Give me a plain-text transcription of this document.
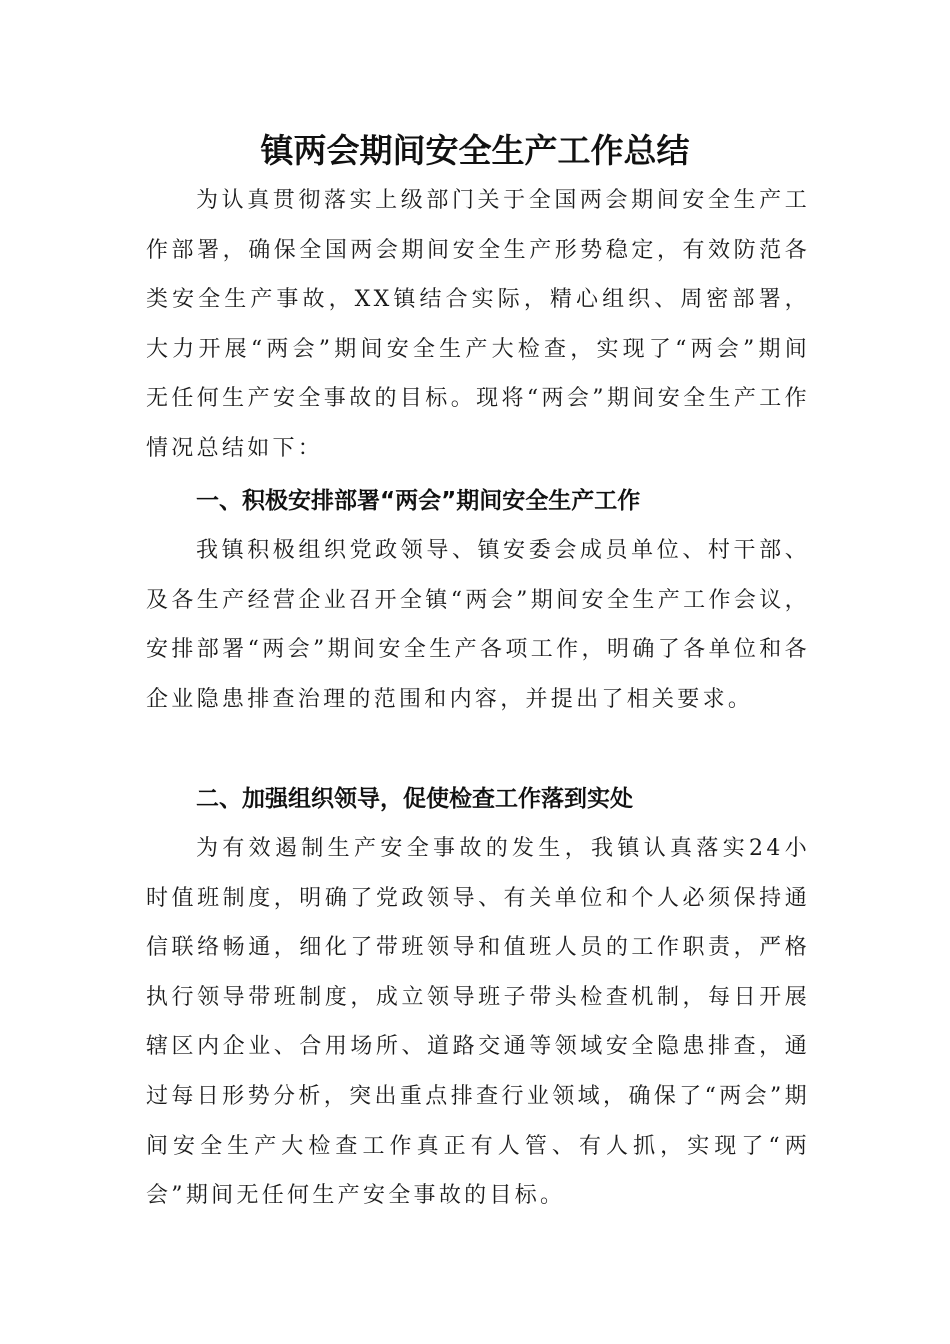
镇两会期间安全生产工作总结

为认真贯彻落实上级部门关于全国两会期间安全生产工作部署，确保全国两会期间安全生产形势稳定，有效防范各类安全生产事故，XX镇结合实际，精心组织、周密部署，大力开展“两会”期间安全生产大检查，实现了“两会”期间无任何生产安全事故的目标。现将“两会”期间安全生产工作情况总结如下：

一、积极安排部署“两会”期间安全生产工作

我镇积极组织党政领导、镇安委会成员单位、村干部、及各生产经营企业召开全镇“两会”期间安全生产工作会议，安排部署“两会”期间安全生产各项工作，明确了各单位和各企业隐患排查治理的范围和内容，并提出了相关要求。

二、加强组织领导，促使检查工作落到实处

为有效遏制生产安全事故的发生，我镇认真落实24小时值班制度，明确了党政领导、有关单位和个人必须保持通信联络畅通，细化了带班领导和值班人员的工作职责，严格执行领导带班制度，成立领导班子带头检查机制，每日开展辖区内企业、合用场所、道路交通等领域安全隐患排查，通过每日形势分析，突出重点排查行业领域，确保了“两会”期间安全生产大检查工作真正有人管、有人抓，实现了“两会”期间无任何生产安全事故的目标。
